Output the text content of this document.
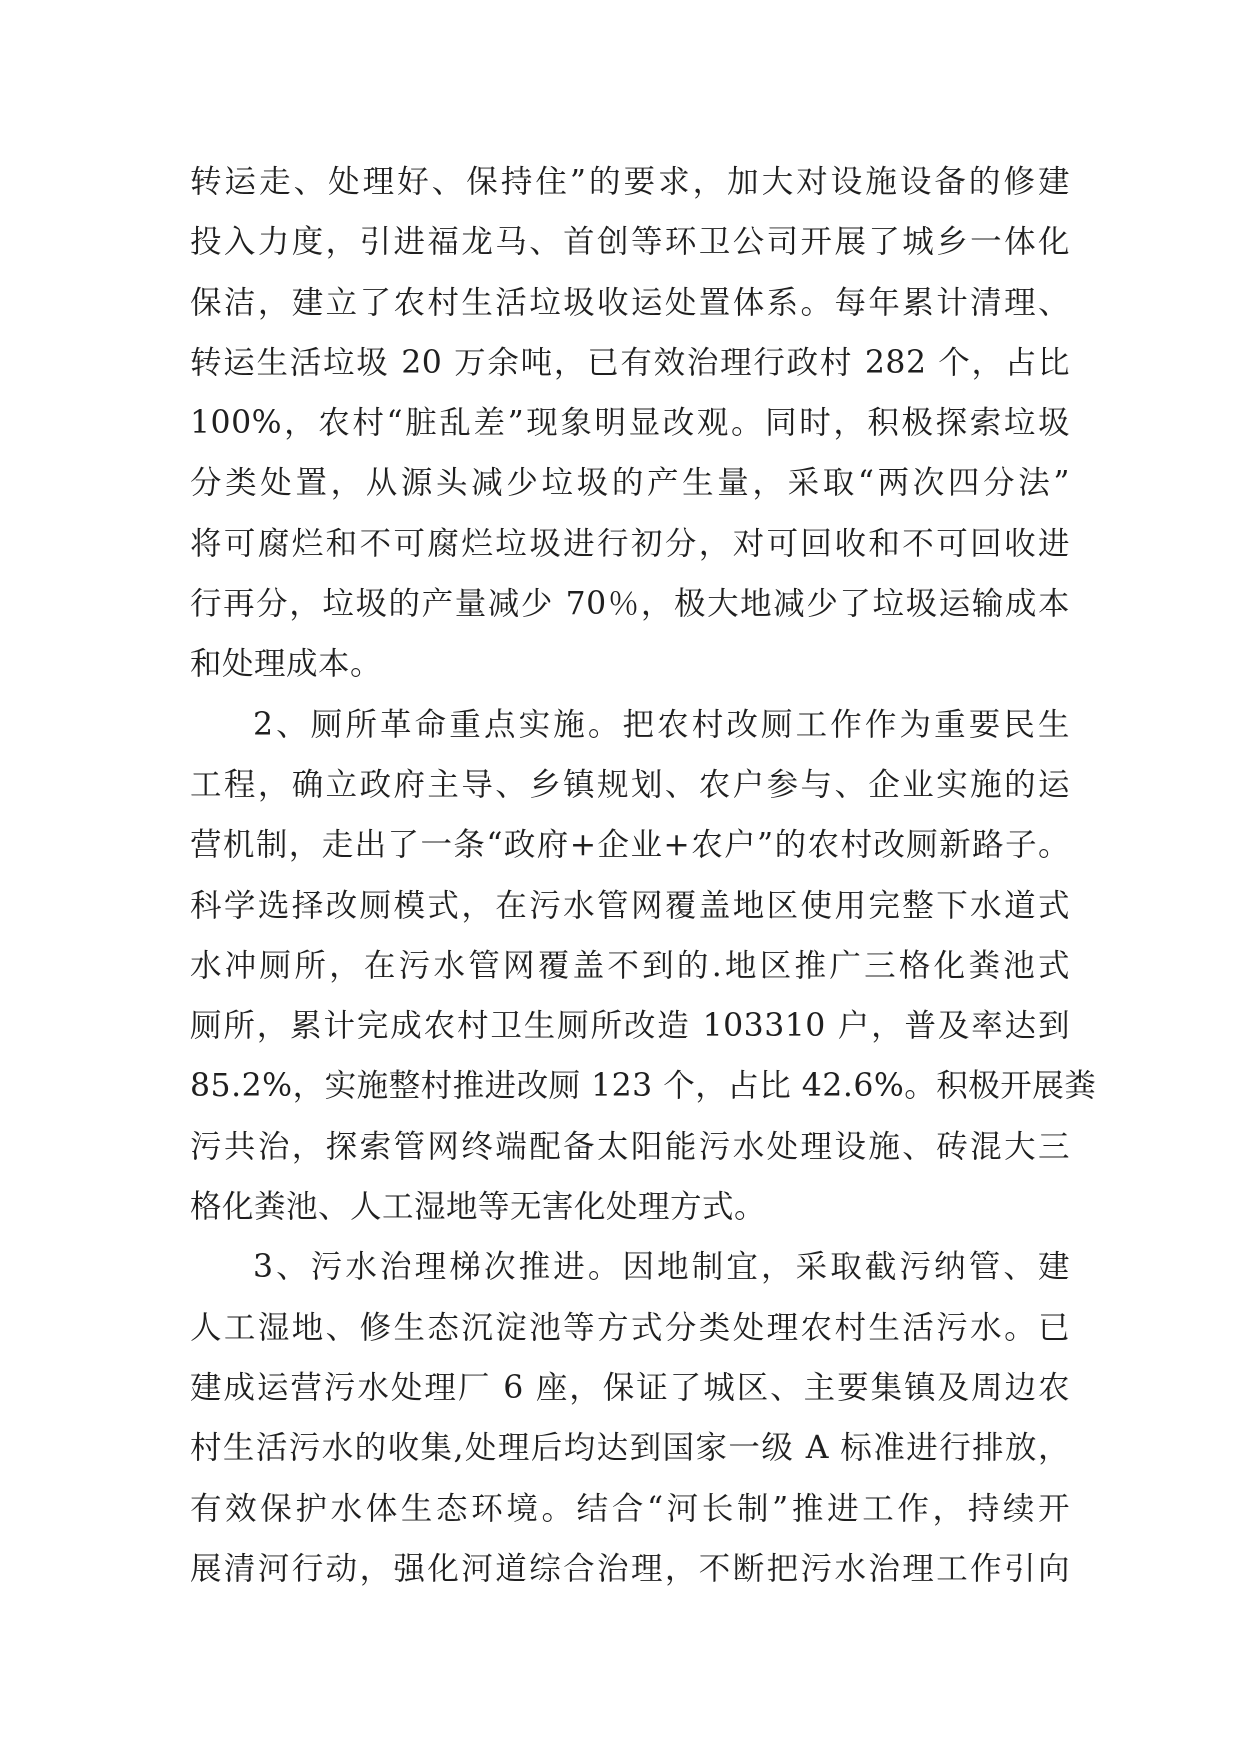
转运走、处理好、保持住”的要求，加大对设施设备的修建
投入力度，引进福龙马、首创等环卫公司开展了城乡一体化
保洁，建立了农村生活垃圾收运处置体系。每年累计清理、
转运生活垃圾 20 万余吨，已有效治理行政村 282 个，占比
100%，农村“脏乱差”现象明显改观。同时，积极探索垃圾
分类处置，从源头减少垃圾的产生量，采取“两次四分法”
将可腐烂和不可腐烂垃圾进行初分，对可回收和不可回收进
行再分，垃圾的产量减少 70％，极大地减少了垃圾运输成本
和处理成本。
2、厕所革命重点实施。把农村改厕工作作为重要民生
工程，确立政府主导、乡镇规划、农户参与、企业实施的运
营机制，走出了一条“政府+企业+农户”的农村改厕新路子。
科学选择改厕模式，在污水管网覆盖地区使用完整下水道式
水冲厕所，在污水管网覆盖不到的.地区推广三格化粪池式
厕所，累计完成农村卫生厕所改造 103310 户，普及率达到
85.2%，实施整村推进改厕 123 个，占比 42.6%。积极开展粪
污共治，探索管网终端配备太阳能污水处理设施、砖混大三
格化粪池、人工湿地等无害化处理方式。
3、污水治理梯次推进。因地制宜，采取截污纳管、建
人工湿地、修生态沉淀池等方式分类处理农村生活污水。已
建成运营污水处理厂 6 座，保证了城区、主要集镇及周边农
村生活污水的收集,处理后均达到国家一级 A 标准进行排放，
有效保护水体生态环境。结合“河长制”推进工作，持续开
展清河行动，强化河道综合治理，不断把污水治理工作引向
